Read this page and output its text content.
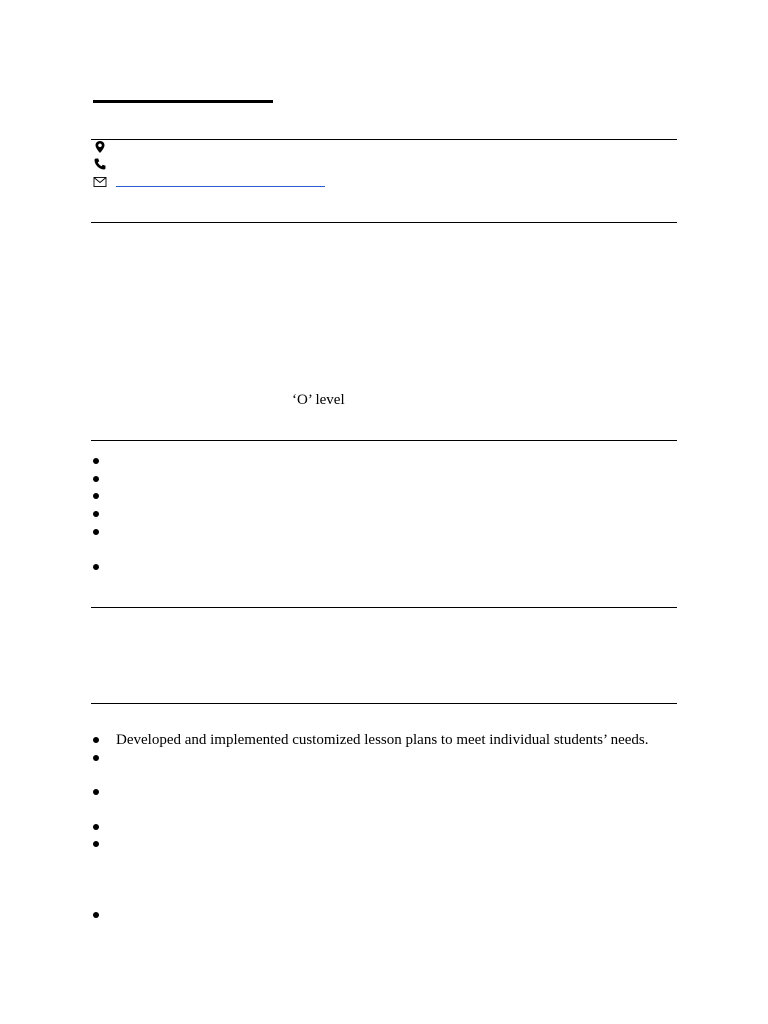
‘O’ level
Developed and implemented customized lesson plans to meet individual students’ needs.
